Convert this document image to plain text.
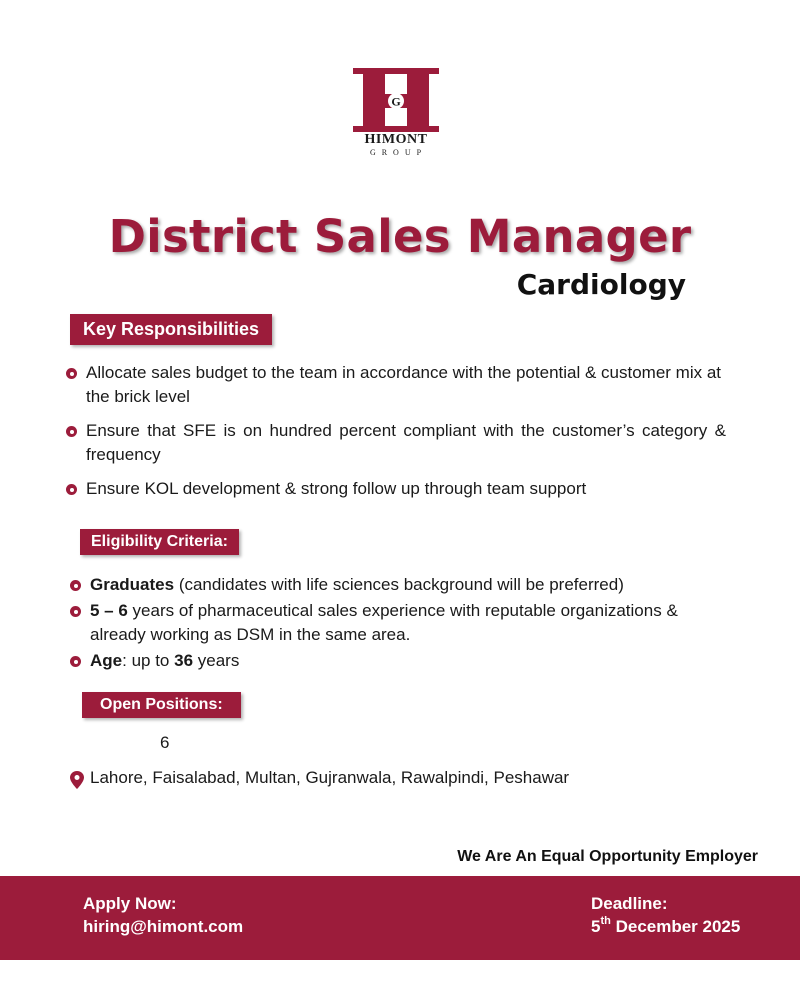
G
HIMONT
GROUP
District Sales Manager
Cardiology
Key Responsibilities
Allocate sales budget to the team in accordance with the potential & customer mix at the brick level
Ensure that SFE is on hundred percent compliant with the customer’s category & frequency
Ensure KOL development & strong follow up through team support
Eligibility Criteria:
Graduates (candidates with life sciences background will be preferred)
5 – 6 years of pharmaceutical sales experience with reputable organizations & already working as DSM in the same area.
Age: up to 36 years
Open Positions:
6
Lahore, Faisalabad, Multan, Gujranwala, Rawalpindi, Peshawar
We Are An Equal Opportunity Employer
Apply Now:
hiring@himont.com
Deadline:
5th December 2025
